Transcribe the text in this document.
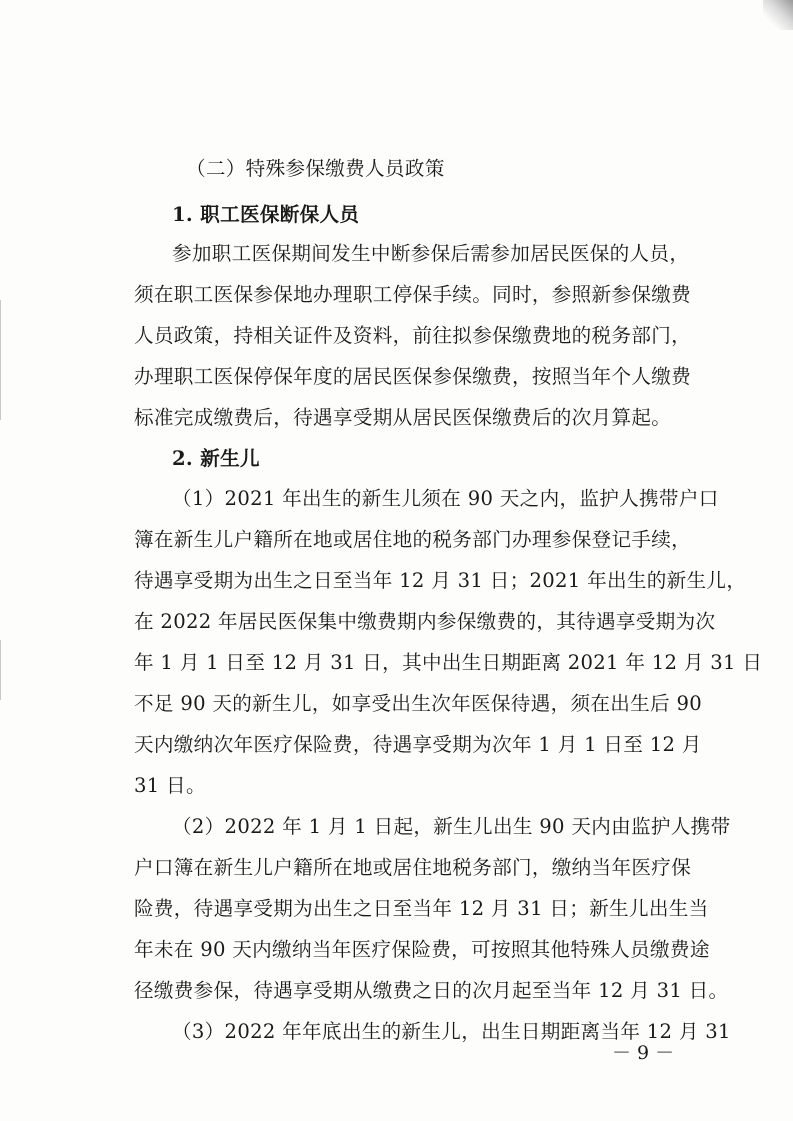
（二）特殊参保缴费人员政策
1. 职工医保断保人员
参加职工医保期间发生中断参保后需参加居民医保的人员，
须在职工医保参保地办理职工停保手续。同时，参照新参保缴费
人员政策，持相关证件及资料，前往拟参保缴费地的税务部门，
办理职工医保停保年度的居民医保参保缴费，按照当年个人缴费
标准完成缴费后，待遇享受期从居民医保缴费后的次月算起。
2. 新生儿
（1）2021 年出生的新生儿须在 90 天之内，监护人携带户口
簿在新生儿户籍所在地或居住地的税务部门办理参保登记手续，
待遇享受期为出生之日至当年 12 月 31 日；2021 年出生的新生儿，
在 2022 年居民医保集中缴费期内参保缴费的，其待遇享受期为次
年 1 月 1 日至 12 月 31 日，其中出生日期距离 2021 年 12 月 31 日
不足 90 天的新生儿，如享受出生次年医保待遇，须在出生后 90
天内缴纳次年医疗保险费，待遇享受期为次年 1 月 1 日至 12 月
31 日。
（2）2022 年 1 月 1 日起，新生儿出生 90 天内由监护人携带
户口簿在新生儿户籍所在地或居住地税务部门，缴纳当年医疗保
险费，待遇享受期为出生之日至当年 12 月 31 日；新生儿出生当
年未在 90 天内缴纳当年医疗保险费，可按照其他特殊人员缴费途
径缴费参保，待遇享受期从缴费之日的次月起至当年 12 月 31 日。
（3）2022 年年底出生的新生儿，出生日期距离当年 12 月 31
－ 9 －
